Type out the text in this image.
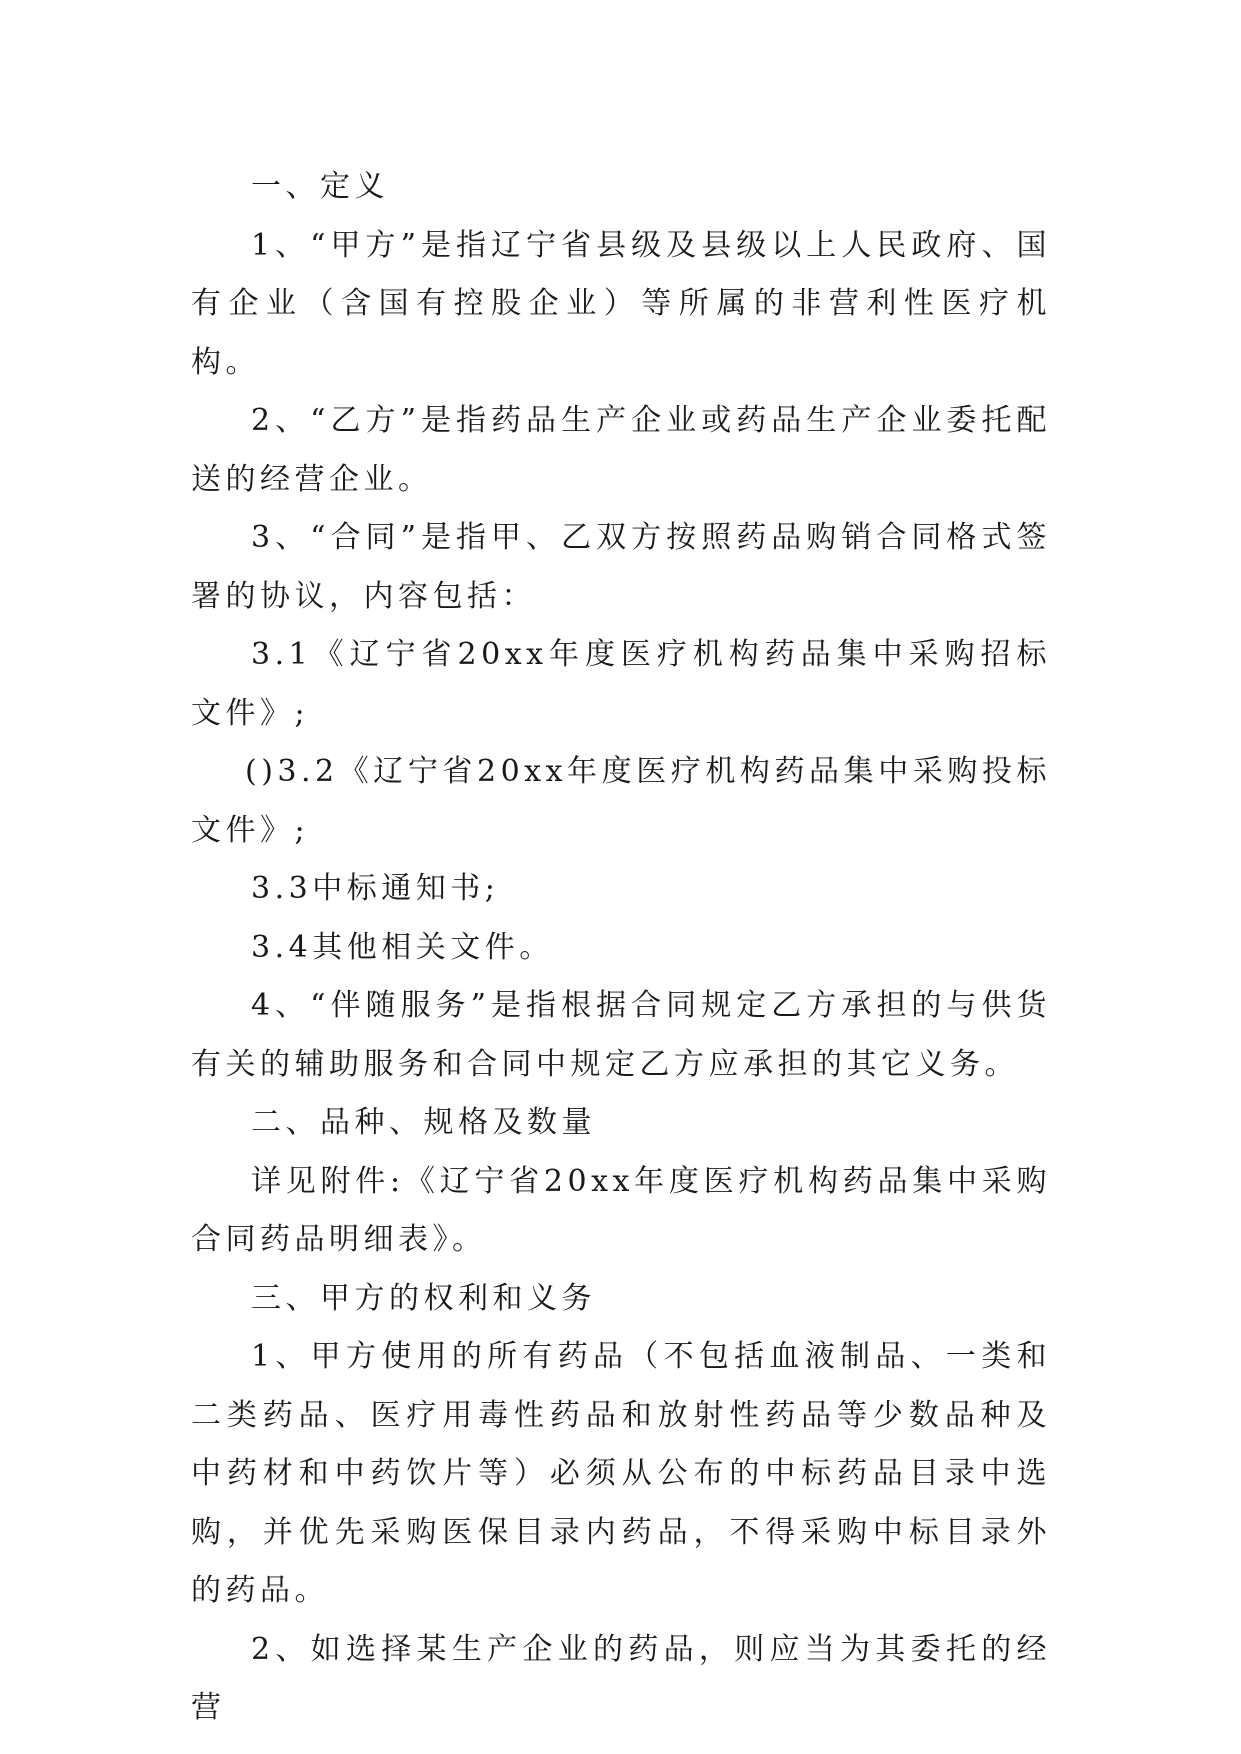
一、定义

1、“甲方”是指辽宁省县级及县级以上人民政府、国有企业（含国有控股企业）等所属的非营利性医疗机构。

2、“乙方”是指药品生产企业或药品生产企业委托配送的经营企业。

3、“合同”是指甲、乙双方按照药品购销合同格式签署的协议，内容包括：

3.1《辽宁省20xx年度医疗机构药品集中采购招标文件》;

()3.2《辽宁省20xx年度医疗机构药品集中采购投标文件》;

3.3中标通知书;

3.4其他相关文件。

4、“伴随服务”是指根据合同规定乙方承担的与供货有关的辅助服务和合同中规定乙方应承担的其它义务。

二、品种、规格及数量

详见附件:《辽宁省20xx年度医疗机构药品集中采购合同药品明细表》。

三、甲方的权利和义务

1、甲方使用的所有药品（不包括血液制品、一类和二类药品、医疗用毒性药品和放射性药品等少数品种及中药材和中药饮片等）必须从公布的中标药品目录中选购，并优先采购医保目录内药品，不得采购中标目录外的药品。

2、如选择某生产企业的药品，则应当为其委托的经营
